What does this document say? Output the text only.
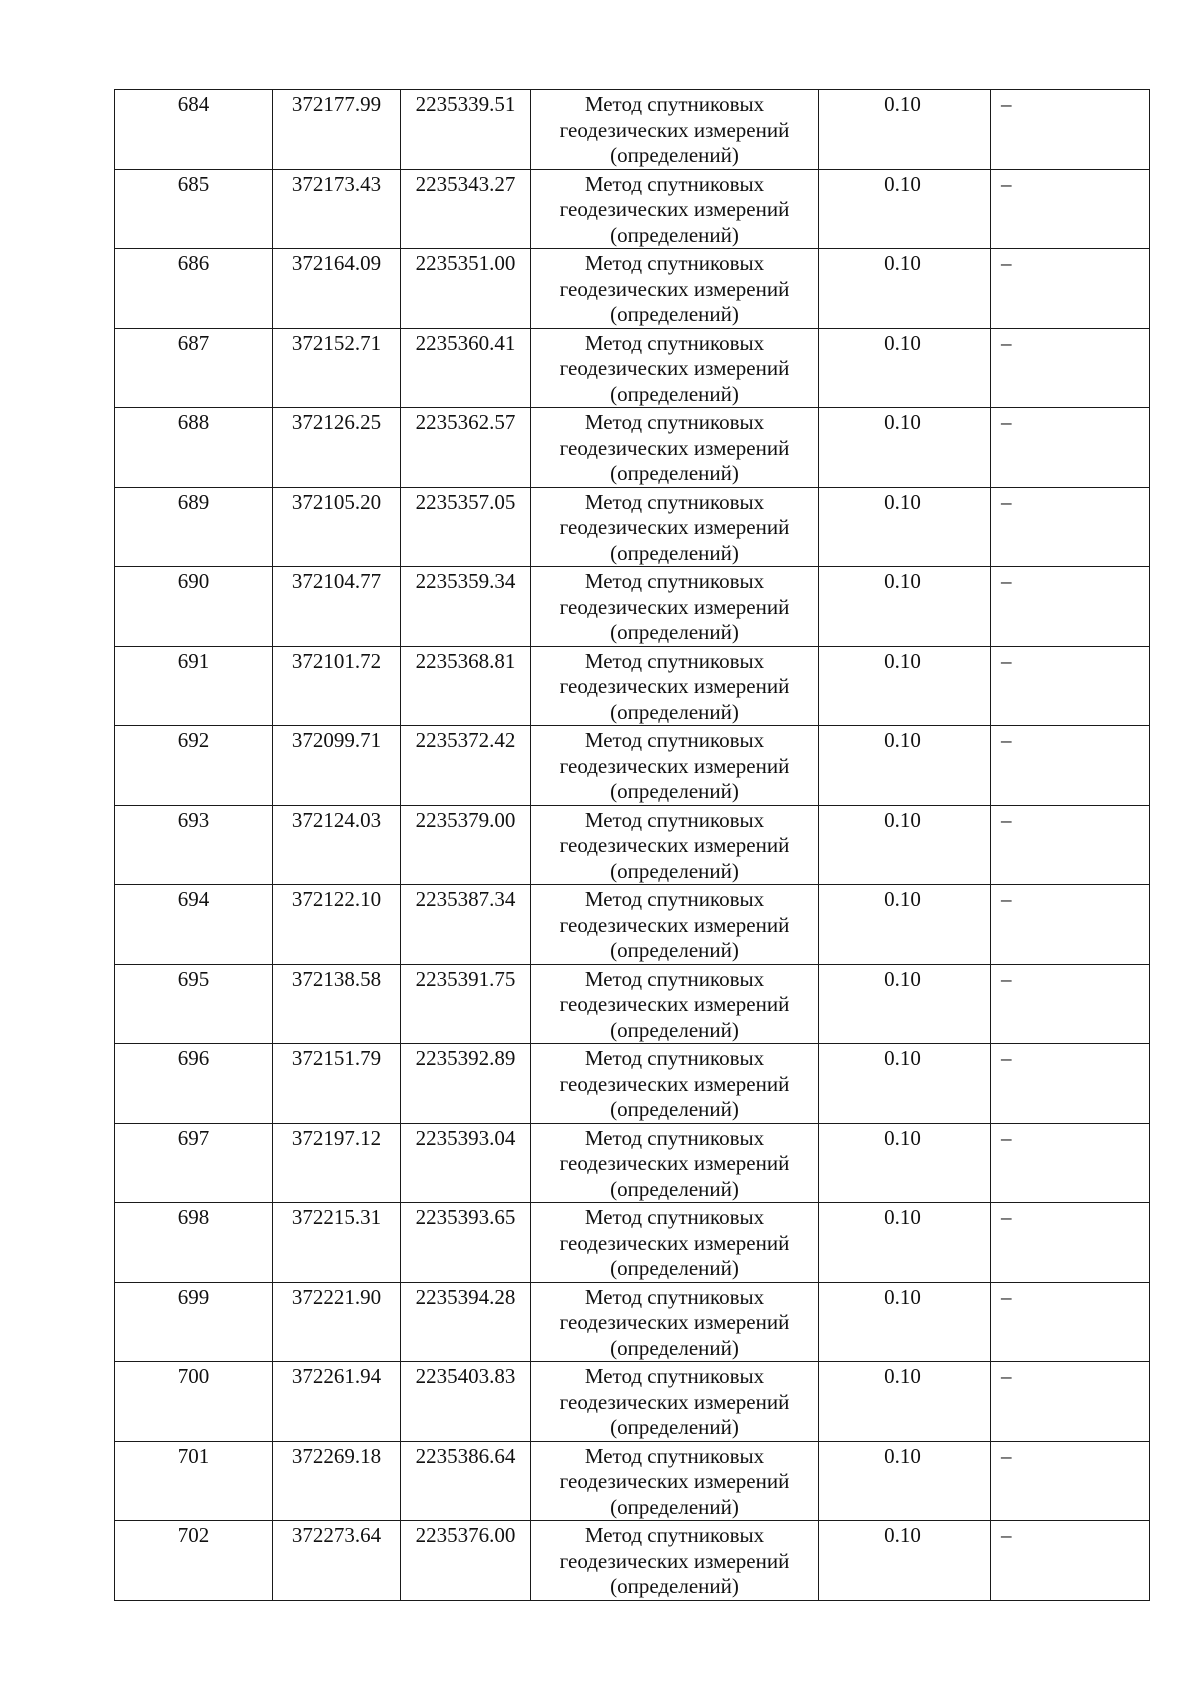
684	372177.99	2235339.51	Метод спутниковых
геодезических измерений
(определений)	0.10	–
685	372173.43	2235343.27	Метод спутниковых
геодезических измерений
(определений)	0.10	–
686	372164.09	2235351.00	Метод спутниковых
геодезических измерений
(определений)	0.10	–
687	372152.71	2235360.41	Метод спутниковых
геодезических измерений
(определений)	0.10	–
688	372126.25	2235362.57	Метод спутниковых
геодезических измерений
(определений)	0.10	–
689	372105.20	2235357.05	Метод спутниковых
геодезических измерений
(определений)	0.10	–
690	372104.77	2235359.34	Метод спутниковых
геодезических измерений
(определений)	0.10	–
691	372101.72	2235368.81	Метод спутниковых
геодезических измерений
(определений)	0.10	–
692	372099.71	2235372.42	Метод спутниковых
геодезических измерений
(определений)	0.10	–
693	372124.03	2235379.00	Метод спутниковых
геодезических измерений
(определений)	0.10	–
694	372122.10	2235387.34	Метод спутниковых
геодезических измерений
(определений)	0.10	–
695	372138.58	2235391.75	Метод спутниковых
геодезических измерений
(определений)	0.10	–
696	372151.79	2235392.89	Метод спутниковых
геодезических измерений
(определений)	0.10	–
697	372197.12	2235393.04	Метод спутниковых
геодезических измерений
(определений)	0.10	–
698	372215.31	2235393.65	Метод спутниковых
геодезических измерений
(определений)	0.10	–
699	372221.90	2235394.28	Метод спутниковых
геодезических измерений
(определений)	0.10	–
700	372261.94	2235403.83	Метод спутниковых
геодезических измерений
(определений)	0.10	–
701	372269.18	2235386.64	Метод спутниковых
геодезических измерений
(определений)	0.10	–
702	372273.64	2235376.00	Метод спутниковых
геодезических измерений
(определений)	0.10	–
